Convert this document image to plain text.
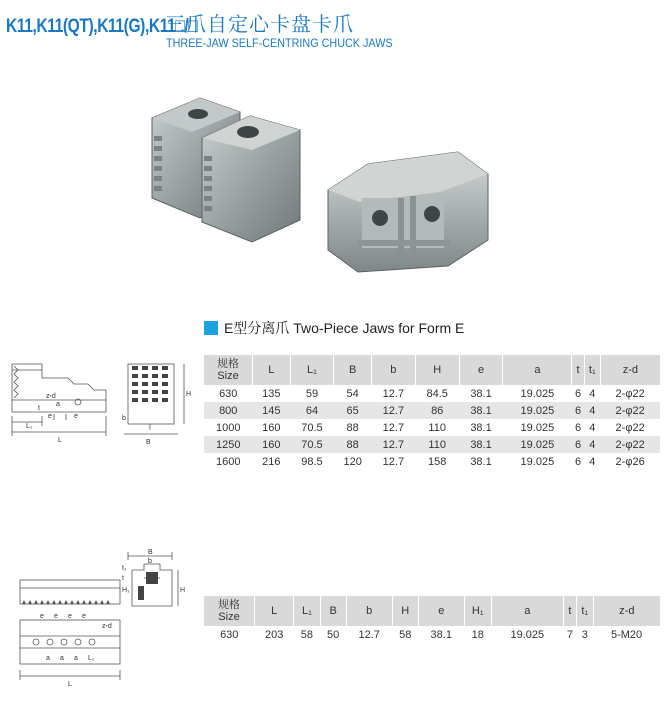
K11,K11(QT),K11(G),K11□/□
三爪自定心卡盘卡爪
THREE-JAW SELF-CENTRING CHUCK JAWS
E型分离爪 Two-Piece Jaws for Form E
z-d
a
e
t
e
L₁
L
H
B
b
规格
Size	L	L₁	B	b	H	e	a	t	t₁	z-d
630	135	59	54	12.7	84.5	38.1	19.025	6	4	2-φ22
800	145	64	65	12.7	86	38.1	19.025	6	4	2-φ22
1000	160	70.5	88	12.7	110	38.1	19.025	6	4	2-φ22
1250	160	70.5	88	12.7	110	38.1	19.025	6	4	2-φ22
1600	216	98.5	120	12.7	158	38.1	19.025	6	4	2-φ26
B
b
t₁
H
t
H₁
e e e e
z-d
a a a L₁
L
规格
Size	L	L₁	B	b	H	e	H₁	a	t	t₁	z-d
630	203	58	50	12.7	58	38.1	18	19.025	7	3	5-M20
